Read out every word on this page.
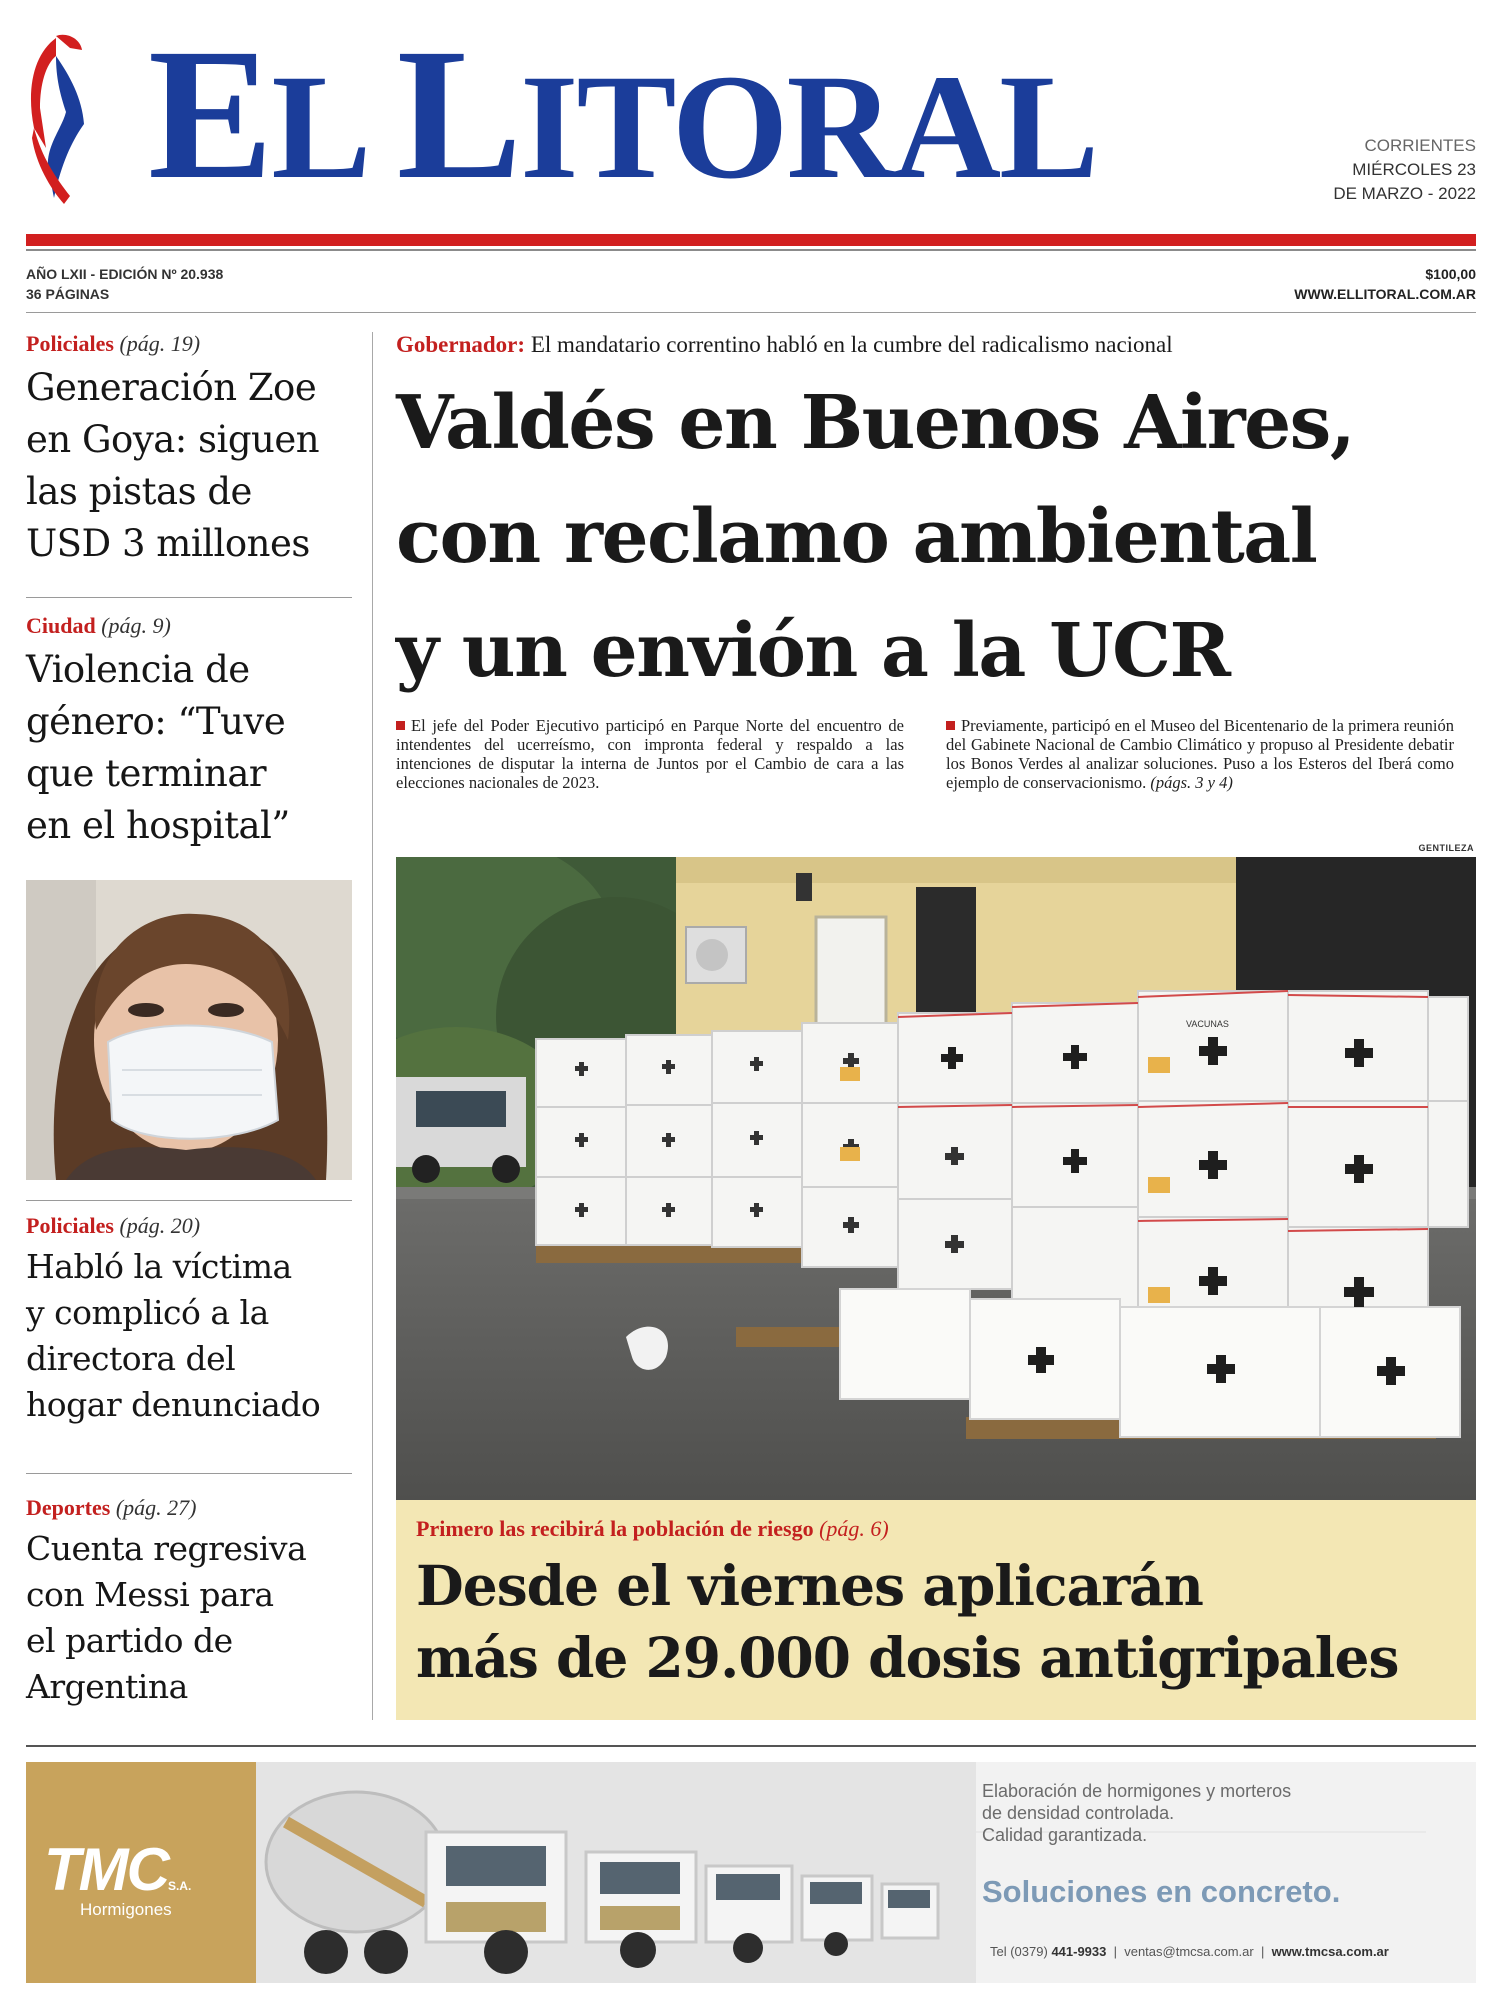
EL LITORAL	CORRIENTES
MIÉRCOLES 23
DE MARZO - 2022
AÑO LXII - EDICIÓN Nº 20.938
36 PÁGINAS
$100,00
WWW.ELLITORAL.COM.AR
Policiales (pág. 19)
Generación Zoe
en Goya: siguen
las pistas de
USD 3 millones
Ciudad (pág. 9)
Violencia de
género: “Tuve
que terminar
en el hospital”
Policiales (pág. 20)
Habló la víctima
y complicó a la
directora del
hogar denunciado
Deportes (pág. 27)
Cuenta regresiva
con Messi para
el partido de
Argentina
Gobernador: El mandatario correntino habló en la cumbre del radicalismo nacional
Valdés en Buenos Aires,
con reclamo ambiental
y un envión a la UCR
El jefe del Poder Ejecutivo participó en Parque Norte del encuentro de intendentes del ucerreísmo, con impronta federal y respaldo a las intenciones de disputar la interna de Juntos por el Cambio de cara a las elecciones nacionales de 2023.
Previamente, participó en el Museo del Bicentenario de la primera reunión del Gabinete Nacional de Cambio Climático y propuso al Presidente debatir los Bonos Verdes al analizar soluciones. Puso a los Esteros del Iberá como ejemplo de conservacionismo. (págs. 3 y 4)
GENTILEZA
VACUNAS
Primero las recibirá la población de riesgo (pág. 6)
Desde el viernes aplicarán
más de 29.000 dosis antigripales
TMCS.A.
Hormigones
Elaboración de hormigones y morteros
de densidad controlada.
Calidad garantizada.
Soluciones en concreto.
Tel (0379) 441-9933  |  ventas@tmcsa.com.ar  |  www.tmcsa.com.ar
